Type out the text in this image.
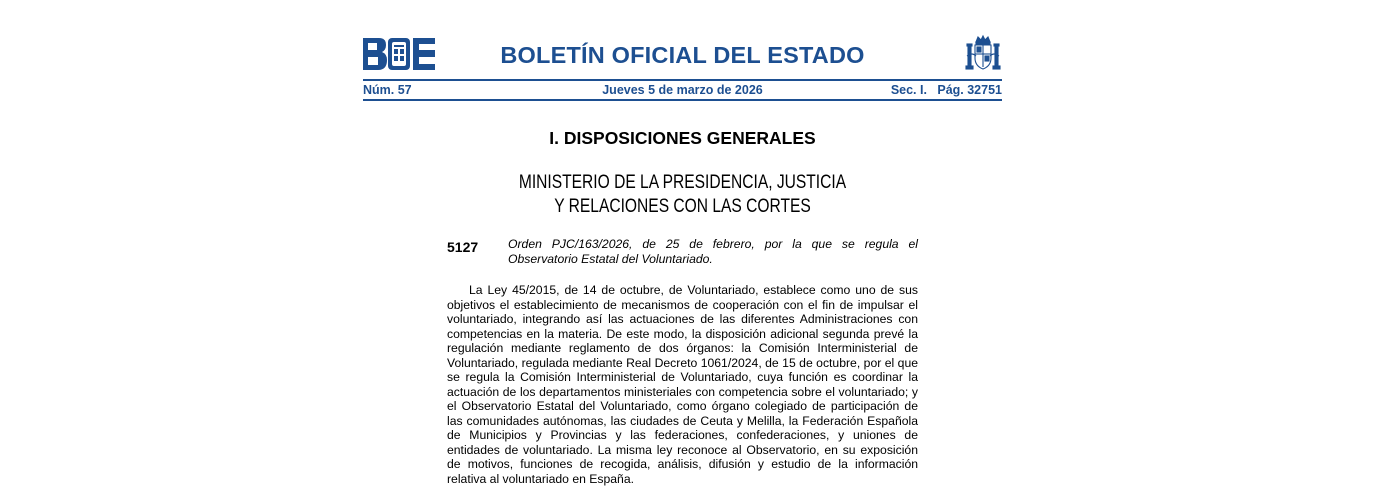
BOLETÍN OFICIAL DEL ESTADO
Núm. 57	Jueves 5 de marzo de 2026	Sec. I.   Pág. 32751
I. DISPOSICIONES GENERALES
MINISTERIO DE LA PRESIDENCIA, JUSTICIA
Y RELACIONES CON LAS CORTES
5127 Orden PJC/163/2026, de 25 de febrero, por la que se regula el Observatorio Estatal del Voluntariado.

La Ley 45/2015, de 14 de octubre, de Voluntariado, establece como uno de sus objetivos el establecimiento de mecanismos de cooperación con el fin de impulsar el voluntariado, integrando así las actuaciones de las diferentes Administraciones con competencias en la materia. De este modo, la disposición adicional segunda prevé la regulación mediante reglamento de dos órganos: la Comisión Interministerial de Voluntariado, regulada mediante Real Decreto 1061/2024, de 15 de octubre, por el que se regula la Comisión Interministerial de Voluntariado, cuya función es coordinar la actuación de los departamentos ministeriales con competencia sobre el voluntariado; y el Observatorio Estatal del Voluntariado, como órgano colegiado de participación de las comunidades autónomas, las ciudades de Ceuta y Melilla, la Federación Española de Municipios y Provincias y las federaciones, confederaciones, y uniones de entidades de voluntariado. La misma ley reconoce al Observatorio, en su exposición de motivos, funciones de recogida, análisis, difusión y estudio de la información relativa al voluntariado en España.
